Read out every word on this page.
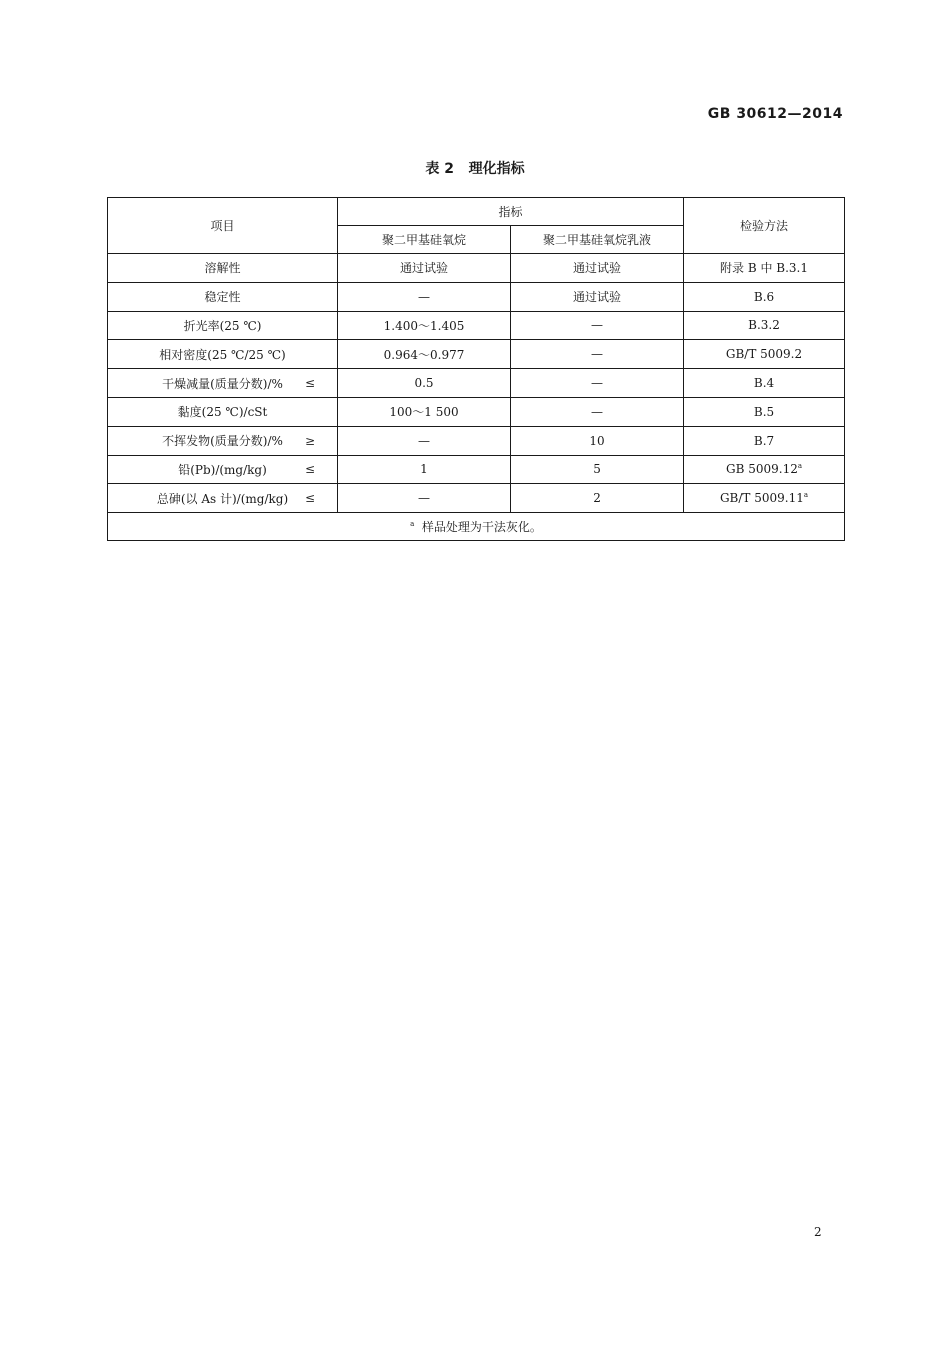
GB 30612—2014
表 2   理化指标
项目	指标		检验方法
	聚二甲基硅氧烷	聚二甲基硅氧烷乳液	
溶解性	通过试验	通过试验	附录 B 中 B.3.1
稳定性	—	通过试验	B.6
折光率(25 ℃)	1.400～1.405	—	B.3.2
相对密度(25 ℃/25 ℃)	0.964～0.977	—	GB/T 5009.2
干燥减量(质量分数)/% ≤	0.5	—	B.4
黏度(25 ℃)/cSt	100～1 500	—	B.5
不挥发物(质量分数)/% ≥	—	10	B.7
铅(Pb)/(mg/kg) ≤	1	5	GB 5009.12$^a$
总砷(以 As 计)/(mg/kg) ≤	—	2	GB/T 5009.11$^a$
$^a$ 样品处理为干法灰化。			
2
